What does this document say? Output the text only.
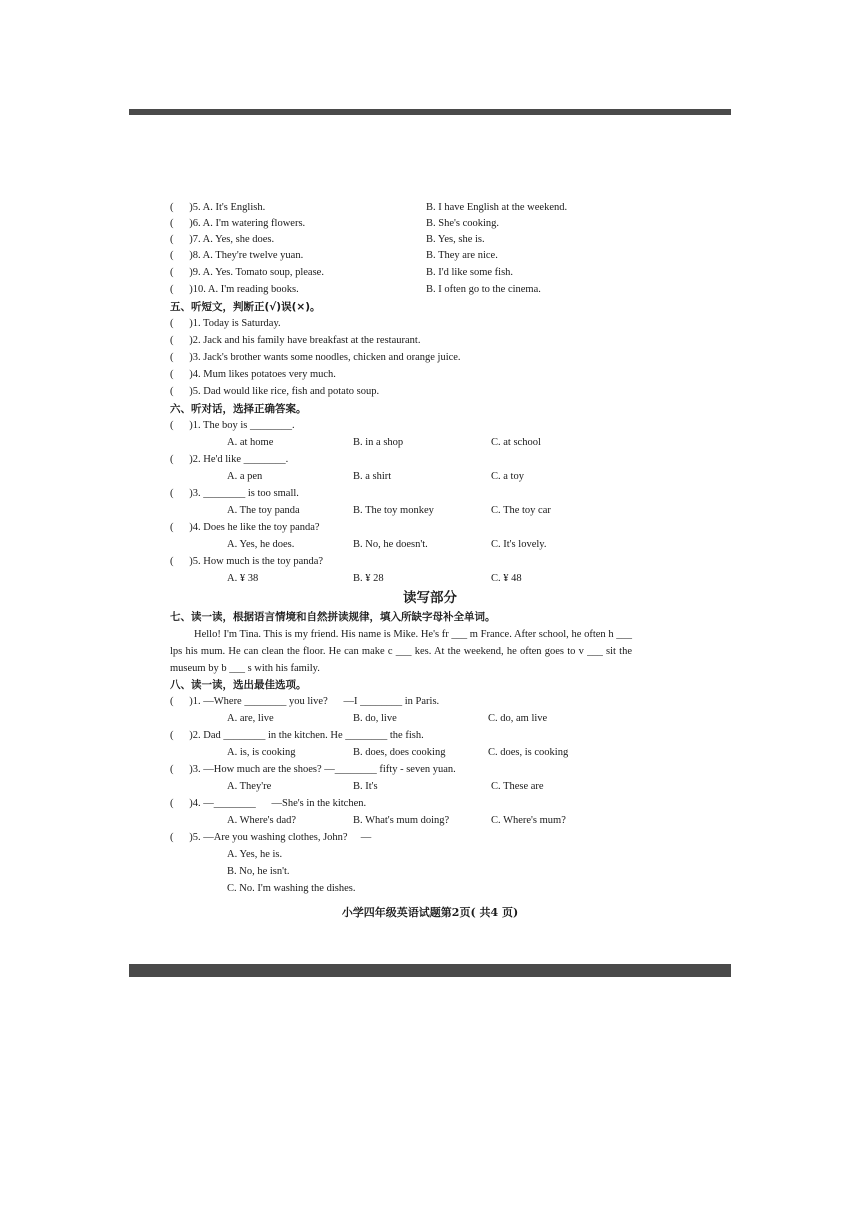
(      )5. A. It's English.	B. I have English at the weekend.
(      )6. A. I'm watering flowers.	B. She's cooking.
(      )7. A. Yes, she does.	B. Yes, she is.
(      )8. A. They're twelve yuan.	B. They are nice.
(      )9. A. Yes. Tomato soup, please.	B. I'd like some fish.
(      )10. A. I'm reading books.	B. I often go to the cinema.
五、听短文，判断正(√)误(×)。
(      )1. Today is Saturday.
(      )2. Jack and his family have breakfast at the restaurant.
(      )3. Jack's brother wants some noodles, chicken and orange juice.
(      )4. Mum likes potatoes very much.
(      )5. Dad would like rice, fish and potato soup.
六、听对话，选择正确答案。
(      )1. The boy is ________.
A. at home	B. in a shop	C. at school
(      )2. He'd like ________.
A. a pen	B. a shirt	C. a toy
(      )3. ________ is too small.
A. The toy panda	B. The toy monkey	C. The toy car
(      )4. Does he like the toy panda?
A. Yes, he does.	B. No, he doesn't.	C. It's lovely.
(      )5. How much is the toy panda?
A. ¥ 38	B. ¥ 28	C. ¥ 48
读写部分
七、读一读，根据语言情境和自然拼读规律，填入所缺字母补全单词。
Hello! I'm Tina. This is my friend. His name is Mike. He's fr ___ m France. After school, he often h ___ lps his mum. He can clean the floor. He can make c ___ kes. At the weekend, he often goes to v ___ sit the museum by b ___ s with his family.
八、读一读，选出最佳选项。
(      )1. —Where ________ you live?      —I ________ in Paris.
A. are, live	B. do, live	C. do, am live
(      )2. Dad ________ in the kitchen. He ________ the fish.
A. is, is cooking	B. does, does cooking	C. does, is cooking
(      )3. —How much are the shoes? —________ fifty - seven yuan.
A. They're	B. It's	C. These are
(      )4. —________      —She's in the kitchen.
A. Where's dad?	B. What's mum doing?	C. Where's mum?
(      )5. —Are you washing clothes, John?     —
A. Yes, he is.
B. No, he isn't.
C. No. I'm washing the dishes.
小学四年级英语试题第2页( 共4 页)
